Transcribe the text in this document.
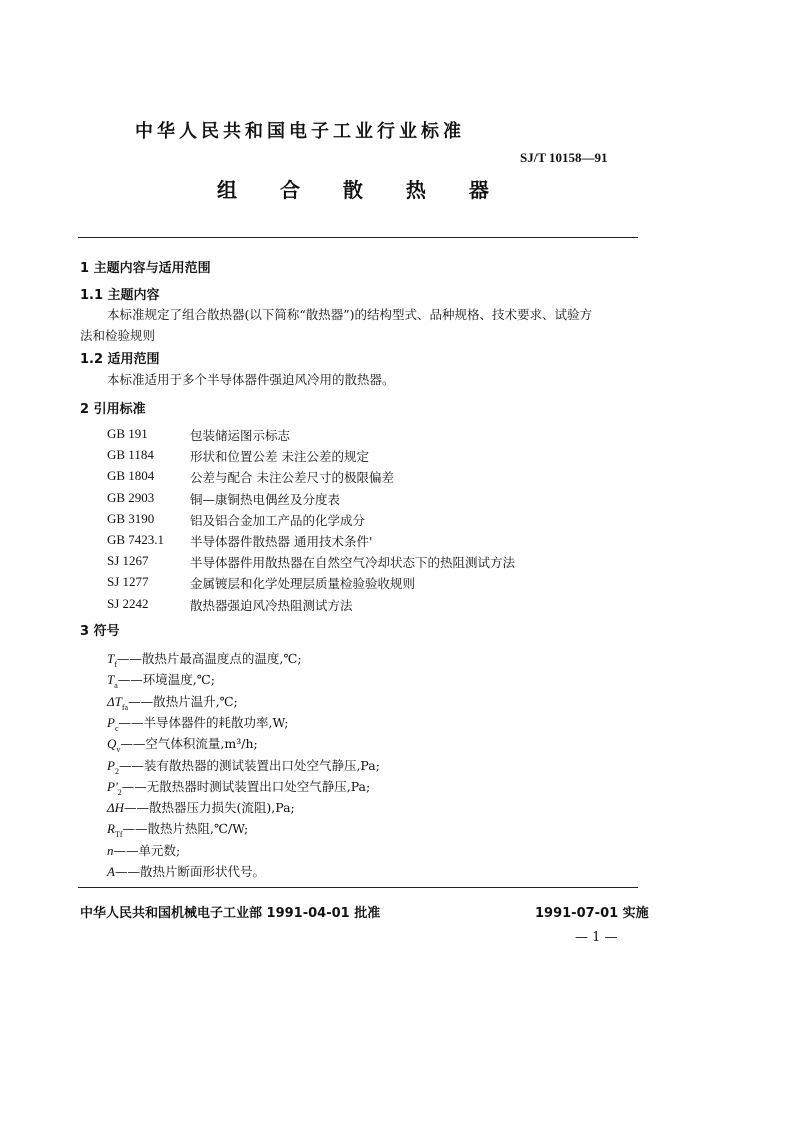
中华人民共和国电子工业行业标准
SJ/T 10158—91
组 合 散 热 器
1 主题内容与适用范围
1.1 主题内容
本标准规定了组合散热器(以下简称“散热器”)的结构型式、品种规格、技术要求、试验方
法和检验规则
1.2 适用范围
本标准适用于多个半导体器件强迫风冷用的散热器。
2 引用标准
GB 191	包装储运图示标志
GB 1184	形状和位置公差 未注公差的规定
GB 1804	公差与配合 未注公差尺寸的极限偏差
GB 2903	铜—康铜热电偶丝及分度表
GB 3190	铝及铝合金加工产品的化学成分
GB 7423.1 半导体器件散热器 通用技术条件'
SJ 1267	半导体器件用散热器在自然空气冷却状态下的热阻测试方法
SJ 1277	金属镀层和化学处理层质量检验验收规则
SJ 2242	散热器强迫风冷热阻测试方法
3 符号
$T_f——$散热片最高温度点的温度,℃;
$T_a——$环境温度,℃;
$\Delta T_{fa}——$散热片温升,℃;
$P_c——$半导体器件的耗散功率,W;
$Q_v——$空气体积流量,m³/h;
$P_2——$装有散热器的测试装置出口处空气静压,Pa;
$P'_2——$无散热器时测试装置出口处空气静压,Pa;
ΔH——散热器压力损失(流阻),Pa;
$R_{Tf}——$散热片热阻,℃/W;
n——单元数;
A——散热片断面形状代号。
中华人民共和国机械电子工业部 1991-04-01 批准	1991-07-01 实施
— 1 —
